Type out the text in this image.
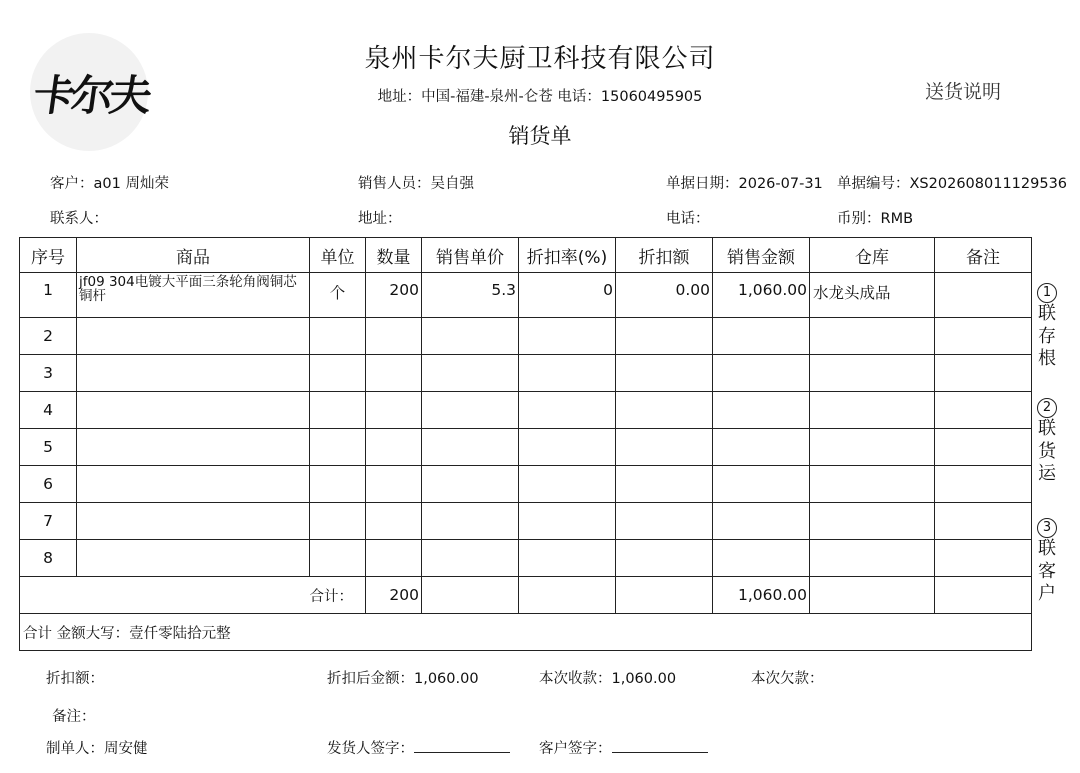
卡尔夫
泉州卡尔夫厨卫科技有限公司
地址：中国-福建-泉州-仑苍 电话：15060495905
销货单
送货说明
客户：a01 周灿荣	销售人员：吴自强	单据日期：2026-07-31 单据编号：XS202608011129536
联系人：	地址：	电话：	币别：RMB
序号	商品	单位	数量	销售单价	折扣率(%)	折扣额	销售金额	仓库	备注
1	jf09 304电镀大平面三条轮角阀铜芯铜杆	个	200	5.3	0	0.00	1,060.00	水龙头成品	
2									
3									
4									
5									
6									
7									
8									
合计：			200				1,060.00		
合计 金额大写：壹仟零陆拾元整									
1
联
存
根
2
联
货
运
3
联
客
户
折扣额：	折扣后金额：1,060.00	本次收款：1,060.00	本次欠款：
备注：
制单人：周安健	发货人签字：	客户签字：
